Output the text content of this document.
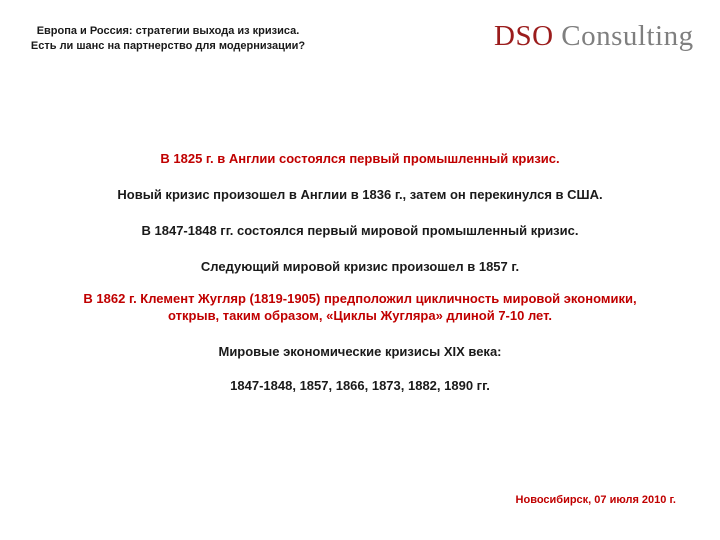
Европа и Россия: стратегии выхода из кризиса.
Есть ли шанс на партнерство для модернизации?	DSO Consulting

В 1825 г. в Англии состоялся первый промышленный кризис.

Новый кризис произошел в Англии в 1836 г., затем он перекинулся в США.

В 1847-1848 гг. состоялся первый мировой промышленный кризис.

Следующий мировой кризис произошел в 1857 г.

В 1862 г. Клемент Жугляр (1819-1905) предположил цикличность мировой экономики, открыв, таким образом, «Циклы Жугляра» длиной 7-10 лет.

Мировые экономические кризисы XIX века:

1847-1848, 1857, 1866, 1873, 1882, 1890 гг.

Новосибирск, 07 июля 2010 г.
